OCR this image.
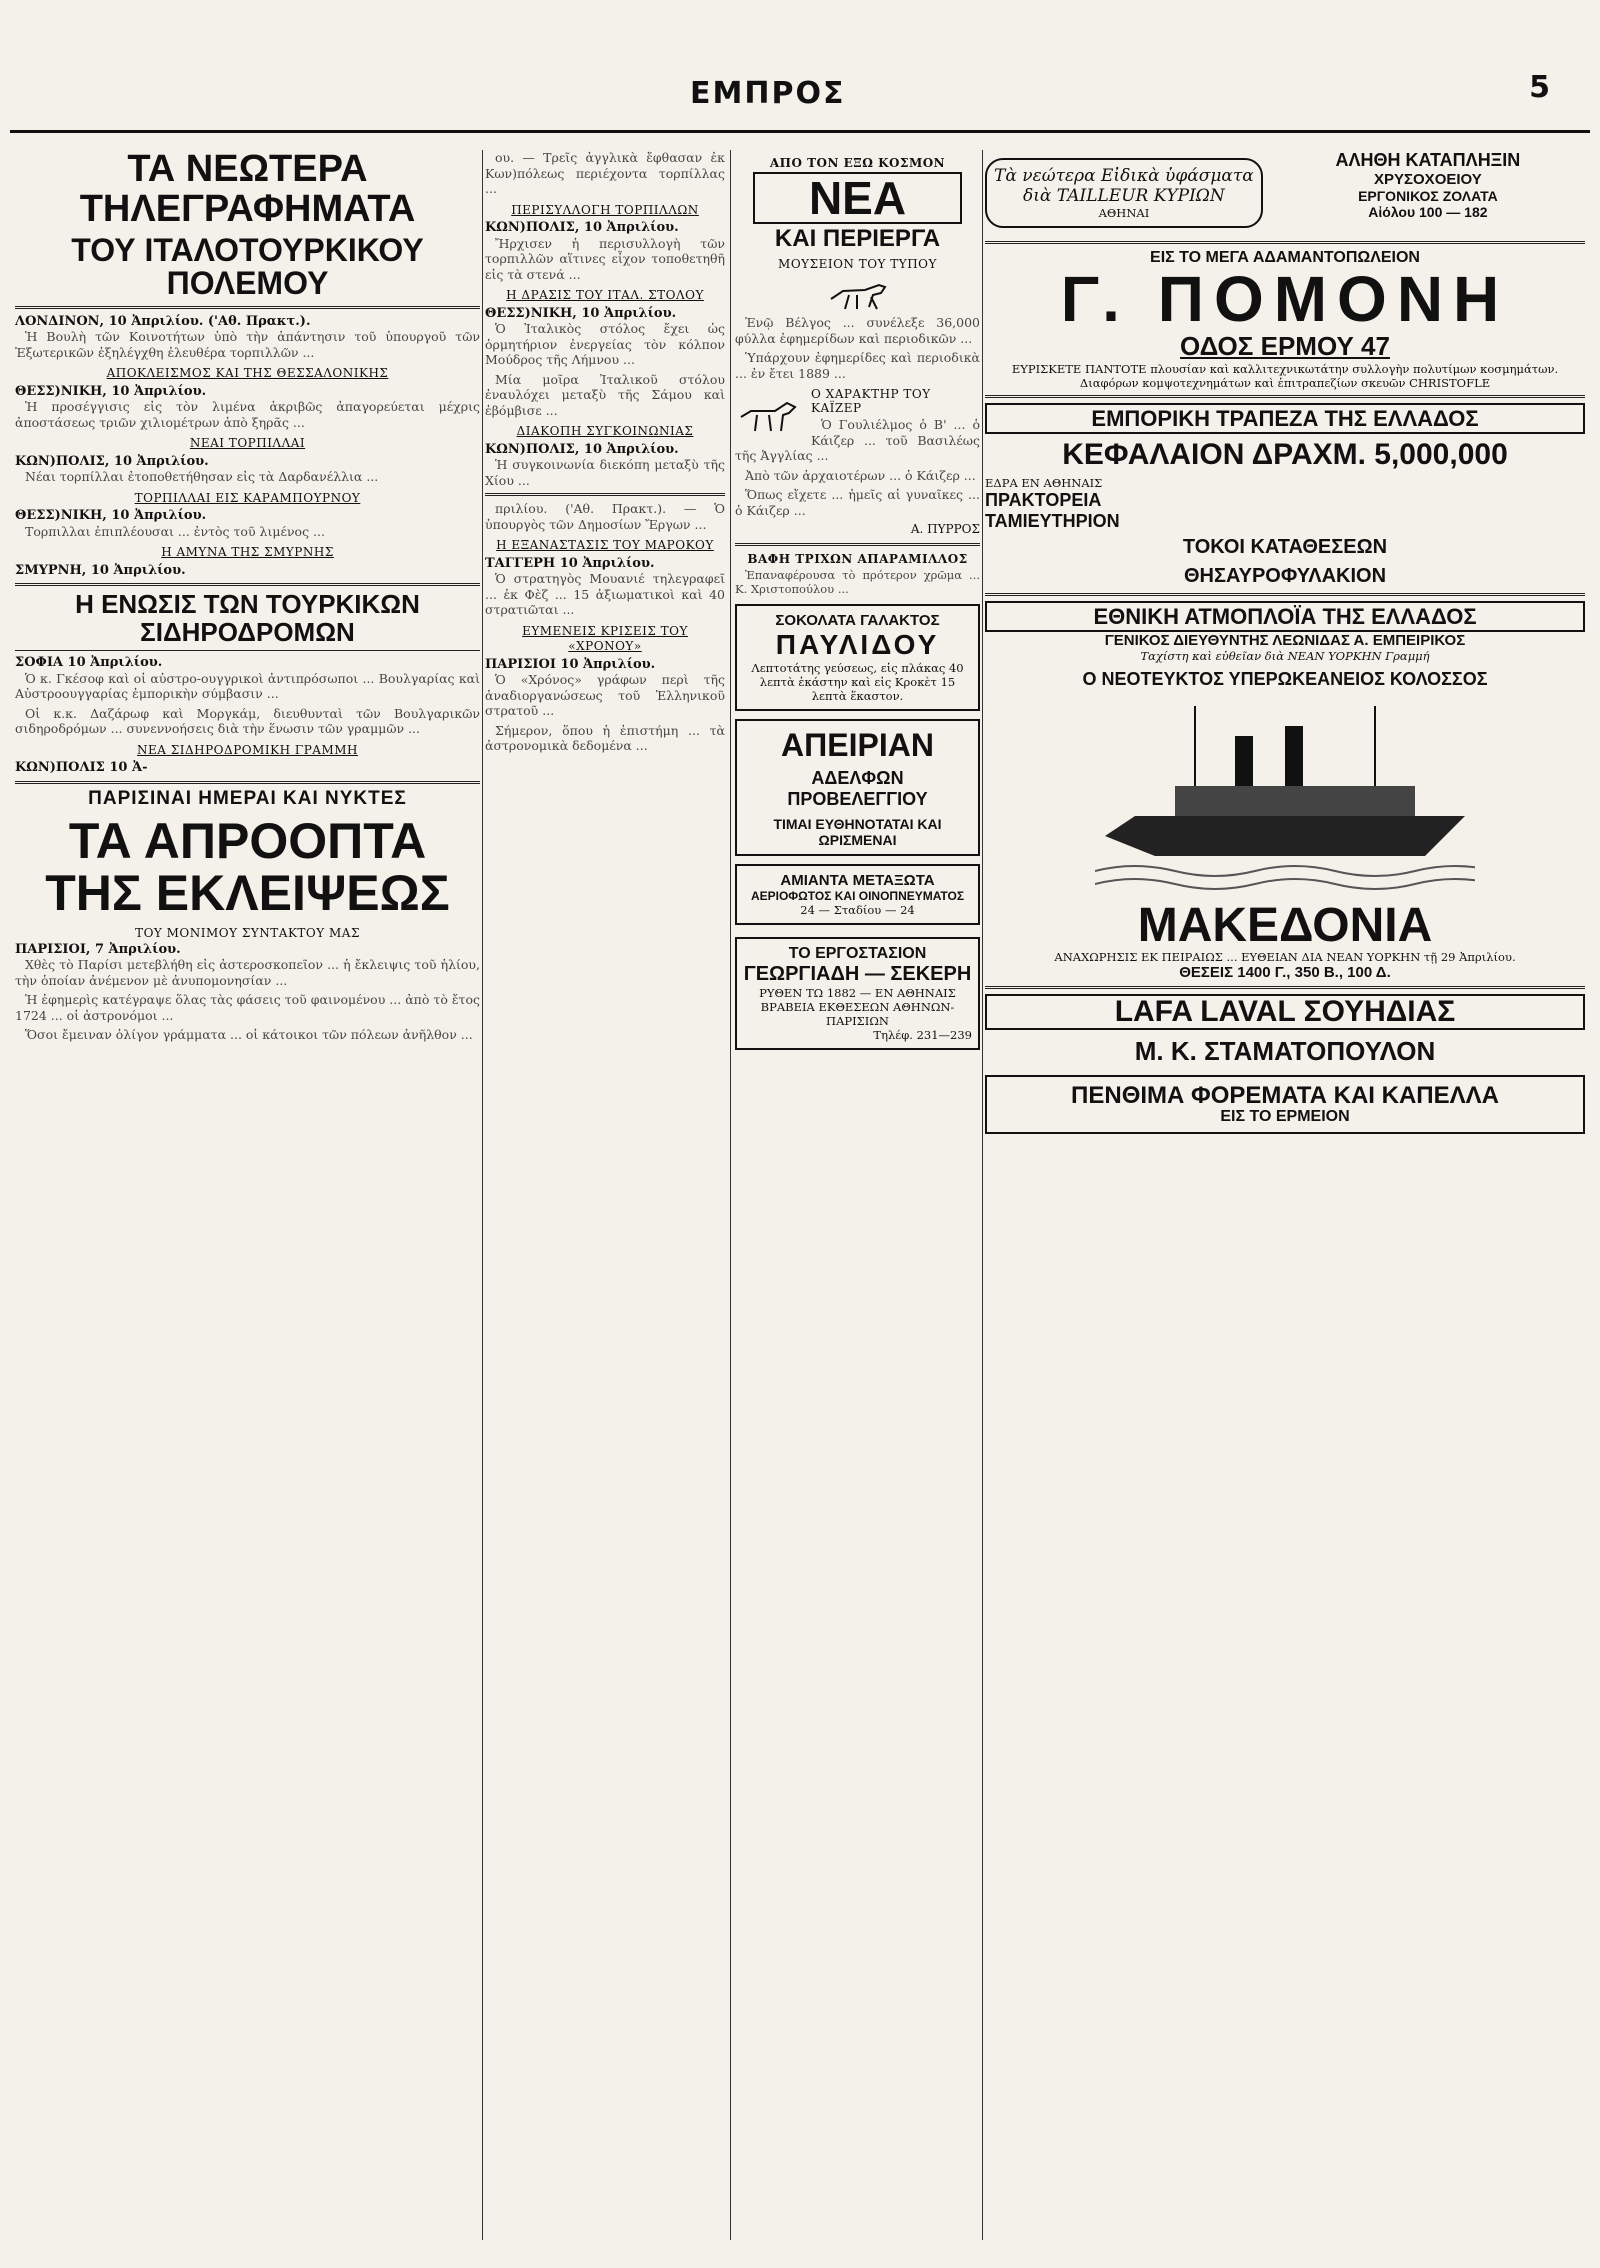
ΕΜΠΡΟΣ	5
ΤΑ ΝΕΩΤΕΡΑ ΤΗΛΕΓΡΑΦΗΜΑΤΑ
ΤΟΥ ΙΤΑΛΟΤΟΥΡΚΙΚΟΥ ΠΟΛΕΜΟΥ
ΛΟΝΔΙΝΟΝ, 10 Ἀπριλίου. ('Αθ. Πρακτ.).

Ἡ Βουλὴ τῶν Κοινοτήτων ὑπὸ τὴν ἀπάντησιν τοῦ ὑπουργοῦ τῶν Ἐξωτερικῶν ἐξηλέγχθη ἐλευθέρα τορπιλλῶν ...

ΑΠΟΚΛΕΙΣΜΟΣ ΚΑΙ ΤΗΣ ΘΕΣΣΑΛΟΝΙΚΗΣ
ΘΕΣΣ)ΝΙΚΗ, 10 Ἀπριλίου.

Ἡ προσέγγισις εἰς τὸν λιμένα ἀκριβῶς ἀπαγορεύεται μέχρις ἀποστάσεως τριῶν χιλιομέτρων ἀπὸ ξηρᾶς ...

ΝΕΑΙ ΤΟΡΠΙΛΛΑΙ
ΚΩΝ)ΠΟΛΙΣ, 10 Ἀπριλίου.

Νέαι τορπίλλαι ἐτοποθετήθησαν εἰς τὰ Δαρδανέλλια ...

ΤΟΡΠΙΛΛΑΙ ΕΙΣ ΚΑΡΑΜΠΟΥΡΝΟΥ
ΘΕΣΣ)ΝΙΚΗ, 10 Ἀπριλίου.

Τορπιλλαι ἐπιπλέουσαι ... ἐντὸς τοῦ λιμένος ...

Η ΑΜΥΝΑ ΤΗΣ ΣΜΥΡΝΗΣ
ΣΜΥΡΝΗ, 10 Ἀπριλίου.
Η ΕΝΩΣΙΣ ΤΩΝ ΤΟΥΡΚΙΚΩΝ ΣΙΔΗΡΟΔΡΟΜΩΝ
ΣΟΦΙΑ 10 Ἀπριλίου.

Ὁ κ. Γκέσοφ καὶ οἱ αὐστρο-ουγγρικοὶ ἀντιπρόσωποι ... Βουλγαρίας καὶ Αὐστροουγγαρίας ἐμπορικὴν σύμβασιν ...

Οἱ κ.κ. Δαζάρωφ καὶ Μοργκάμ, διευθυνταὶ τῶν Βουλγαρικῶν σιδηροδρόμων ... συνεννοήσεις διὰ τὴν ἕνωσιν τῶν γραμμῶν ...

ΝΕΑ ΣΙΔΗΡΟΔΡΟΜΙΚΗ ΓΡΑΜΜΗ
ΚΩΝ)ΠΟΛΙΣ 10 Ἀ-
ΠΑΡΙΣΙΝΑΙ ΗΜΕΡΑΙ ΚΑΙ ΝΥΚΤΕΣ
ΤΑ ΑΠΡΟΟΠΤΑ ΤΗΣ ΕΚΛΕΙΨΕΩΣ
ΤΟΥ ΜΟΝΙΜΟΥ ΣΥΝΤΑΚΤΟΥ ΜΑΣ
ΠΑΡΙΣΙΟΙ, 7 Ἀπριλίου.

Χθὲς τὸ Παρίσι μετεβλήθη εἰς ἀστεροσκοπεῖον ... ἡ ἔκλειψις τοῦ ἡλίου, τὴν ὁποίαν ἀνέμενον μὲ ἀνυπομονησίαν ...

Ἡ ἐφημερὶς κατέγραψε ὅλας τὰς φάσεις τοῦ φαινομένου ... ἀπὸ τὸ ἔτος 1724 ... οἱ ἀστρονόμοι ...

Ὅσοι ἔμειναν ὀλίγον γράμματα ... οἱ κάτοικοι τῶν πόλεων ἀνῆλθον ...

ου. — Τρεῖς ἀγγλικὰ ἔφθασαν ἐκ Κων)πόλεως περιέχοντα τορπίλλας ...

ΠΕΡΙΣΥΛΛΟΓΗ ΤΟΡΠΙΛΛΩΝ
ΚΩΝ)ΠΟΛΙΣ, 10 Ἀπριλίου.

Ἤρχισεν ἡ περισυλλογὴ τῶν τορπιλλῶν αἵτινες εἶχον τοποθετηθῆ εἰς τὰ στενά ...

Η ΔΡΑΣΙΣ ΤΟΥ ΙΤΑΛ. ΣΤΟΛΟΥ
ΘΕΣΣ)ΝΙΚΗ, 10 Ἀπριλίου.

Ὁ Ἰταλικὸς στόλος ἔχει ὡς ὁρμητήριον ἐνεργείας τὸν κόλπον Μούδρος τῆς Λήμνου ...

Μία μοῖρα Ἰταλικοῦ στόλου ἐναυλόχει μεταξὺ τῆς Σάμου καὶ ἐβόμβισε ...

ΔΙΑΚΟΠΗ ΣΥΓΚΟΙΝΩΝΙΑΣ
ΚΩΝ)ΠΟΛΙΣ, 10 Ἀπριλίου.

Ἡ συγκοινωνία διεκόπη μεταξὺ τῆς Χίου ...

πριλίου. ('Αθ. Πρακτ.). — Ὁ ὑπουργὸς τῶν Δημοσίων Ἔργων ...

Η ΕΞΑΝΑΣΤΑΣΙΣ ΤΟΥ ΜΑΡΟΚΟΥ
ΤΑΓΓΕΡΗ 10 Ἀπριλίου.

Ὁ στρατηγὸς Μουανιέ τηλεγραφεῖ ... ἐκ Φὲζ ... 15 ἀξιωματικοὶ καὶ 40 στρατιῶται ...

ΕΥΜΕΝΕΙΣ ΚΡΙΣΕΙΣ ΤΟΥ «ΧΡΟΝΟΥ»
ΠΑΡΙΣΙΟΙ 10 Ἀπριλίου.

Ὁ «Χρόνος» γράφων περὶ τῆς ἀναδιοργανώσεως τοῦ Ἑλληνικοῦ στρατοῦ ...

Σήμερον, ὅπου ἡ ἐπιστήμη ... τὰ ἀστρονομικὰ δεδομένα ...

ΑΠΟ ΤΟΝ ΕΞΩ ΚΟΣΜΟΝ
ΝΕΑ
ΚΑΙ ΠΕΡΙΕΡΓΑ
ΜΟΥΣΕΙΟΝ ΤΟΥ ΤΥΠΟΥ

Ἐνῷ Βέλγος ... συνέλεξε 36,000 φύλλα ἐφημερίδων καὶ περιοδικῶν ...

Ὑπάρχουν ἐφημερίδες καὶ περιοδικὰ ... ἐν ἔτει 1889 ...

Ο ΧΑΡΑΚΤΗΡ ΤΟΥ ΚΑΪΖΕΡ

Ὁ Γουλιέλμος ὁ Β' ... ὁ Κάιζερ ... τοῦ Βασιλέως τῆς Ἀγγλίας ...

Ἀπὸ τῶν ἀρχαιοτέρων ... ὁ Κάιζερ ...

Ὅπως εἴχετε ... ἡμεῖς αἱ γυναῖκες ... ὁ Κάιζερ ...

Α. ΠΥΡΡΟΣ
ΒΑΦΗ ΤΡΙΧΩΝ ΑΠΑΡΑΜΙΛΛΟΣ

Ἐπαναφέρουσα τὸ πρότερον χρῶμα ... Κ. Χριστοπούλου ...

ΣΟΚΟΛΑΤΑ ΓΑΛΑΚΤΟΣ
ΠΑΥΛΙΔΟΥ
Λεπτοτάτης γεύσεως, εἰς πλάκας 40 λεπτὰ ἑκάστην καὶ εἰς Κροκὲτ 15 λεπτὰ ἕκαστον.
ΑΠΕΙΡΙΑΝ
ΑΔΕΛΦΩΝ ΠΡΟΒΕΛΕΓΓΙΟΥ
ΤΙΜΑΙ ΕΥΘΗΝΟΤΑΤΑΙ ΚΑΙ ΩΡΙΣΜΕΝΑΙ
ΑΜΙΑΝΤΑ ΜΕΤΑΞΩΤΑ
ΑΕΡΙΟΦΩΤΟΣ ΚΑΙ ΟΙΝΟΠΝΕΥΜΑΤΟΣ
24 — Σταδίου — 24
ΤΟ ΕΡΓΟΣΤΑΣΙΟΝ
ΓΕΩΡΓΙΑΔΗ — ΣΕΚΕΡΗ
ΡΥΘΕΝ ΤΩ 1882 — ΕΝ ΑΘΗΝΑΙΣ
ΒΡΑΒΕΙΑ ΕΚΘΕΣΕΩΝ ΑΘΗΝΩΝ-ΠΑΡΙΣΙΩΝ
Τηλέφ. 231—239
Τὰ νεώτερα Εἰδικὰ ὑφάσματα διὰ TAILLEUR ΚΥΡΙΩΝ
ΑΘΗΝΑΙ
ΑΛΗΘΗ ΚΑΤΑΠΛΗΞΙΝ
ΧΡΥΣΟΧΟΕΙΟΥ
ΕΡΓΟΝΙΚΟΣ ΖΟΛΑΤΑ
Αἰόλου 100 — 182
ΕΙΣ ΤΟ ΜΕΓΑ ΑΔΑΜΑΝΤΟΠΩΛΕΙΟΝ
Γ. ΠΟΜΟΝΗ
ΟΔΟΣ ΕΡΜΟΥ 47
ΕΥΡΙΣΚΕΤΕ ΠΑΝΤΟΤΕ πλουσίαν καὶ καλλιτεχνικωτάτην συλλογὴν πολυτίμων κοσμημάτων. Διαφόρων κομψοτεχνημάτων καὶ ἐπιτραπεζίων σκευῶν CHRISTOFLE
ΕΜΠΟΡΙΚΗ ΤΡΑΠΕΖΑ ΤΗΣ ΕΛΛΑΔΟΣ
ΚΕΦΑΛΑΙΟΝ ΔΡΑΧΜ. 5,000,000
ΕΔΡΑ ΕΝ ΑΘΗΝΑΙΣ
ΠΡΑΚΤΟΡΕΙΑ
ΤΑΜΙΕΥΤΗΡΙΟΝ
ΤΟΚΟΙ ΚΑΤΑΘΕΣΕΩΝ
ΘΗΣΑΥΡΟΦΥΛΑΚΙΟΝ
ΕΘΝΙΚΗ ΑΤΜΟΠΛΟΪΑ ΤΗΣ ΕΛΛΑΔΟΣ
ΓΕΝΙΚΟΣ ΔΙΕΥΘΥΝΤΗΣ ΛΕΩΝΙΔΑΣ Α. ΕΜΠΕΙΡΙΚΟΣ
Ταχίστη καὶ εὐθεῖαν διὰ ΝΕΑΝ ΥΟΡΚΗΝ Γραμμή
Ο ΝΕΟΤΕΥΚΤΟΣ ΥΠΕΡΩΚΕΑΝΕΙΟΣ ΚΟΛΟΣΣΟΣ
ΜΑΚΕΔΟΝΙΑ
ΑΝΑΧΩΡΗΣΙΣ ΕΚ ΠΕΙΡΑΙΩΣ ... ΕΥΘΕΙΑΝ ΔΙΑ ΝΕΑΝ ΥΟΡΚΗΝ τῇ 29 Ἀπριλίου.
ΘΕΣΕΙΣ 1400 Γ., 350 Β., 100 Δ.
LAFA LAVAL ΣΟΥΗΔΙΑΣ
Μ. Κ. ΣΤΑΜΑΤΟΠΟΥΛΟΝ
ΠΕΝΘΙΜΑ ΦΟΡΕΜΑΤΑ ΚΑΙ ΚΑΠΕΛΛΑ
ΕΙΣ ΤΟ ΕΡΜΕΙΟΝ
